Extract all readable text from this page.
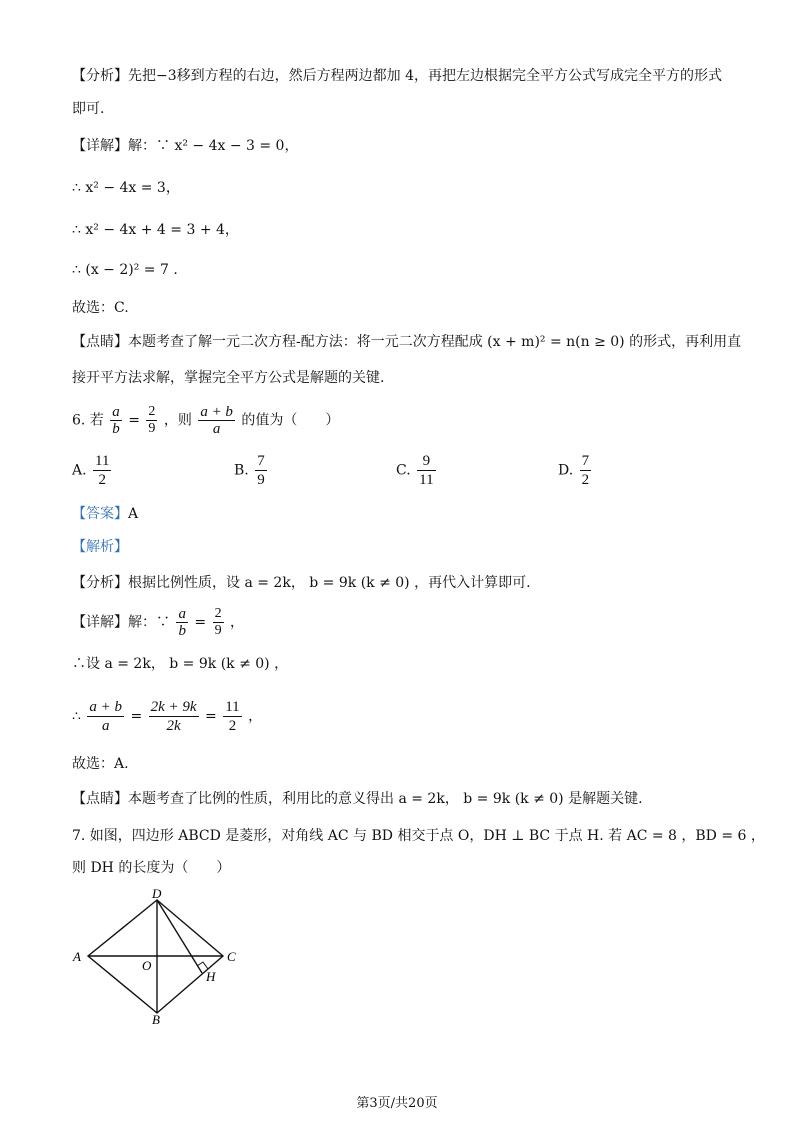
【分析】先把−3移到方程的右边，然后方程两边都加 4，再把左边根据完全平方公式写成完全平方的形式
即可.
【详解】解：∵ x² − 4x − 3 = 0，
∴ x² − 4x = 3，
∴ x² − 4x + 4 = 3 + 4，
∴ (x − 2)² = 7 .
故选：C.
【点睛】本题考查了解一元二次方程-配方法：将一元二次方程配成 (x + m)² = n(n ≥ 0) 的形式，再利用直
接开平方法求解，掌握完全平方公式是解题的关键.
6. 若 $\frac{a}{b} = \frac{2}{9}$ ，则 $\frac{a + b}{a}$ 的值为（　　）
A. $\frac{11}{2}$	B. $\frac{7}{9}$	C. $\frac{9}{11}$	D. $\frac{7}{2}$
【答案】A
【解析】
【分析】根据比例性质，设 a = 2k， b = 9k (k ≠ 0) ，再代入计算即可.
【详解】解：∵ $\frac{a}{b} = \frac{2}{9}$ ，
∴设 a = 2k， b = 9k (k ≠ 0) ，
∴ $\frac{a + b}{a} = \frac{2k + 9k}{2k} = \frac{11}{2}$ ，
故选：A.
【点睛】本题考查了比例的性质，利用比的意义得出 a = 2k， b = 9k (k ≠ 0) 是解题关键.
7. 如图，四边形 ABCD 是菱形，对角线 AC 与 BD 相交于点 O，DH ⊥ BC 于点 H. 若 AC = 8 ，BD = 6 ，
则 DH 的长度为（　　）
D
A	C
O
H
B
第3页/共20页
